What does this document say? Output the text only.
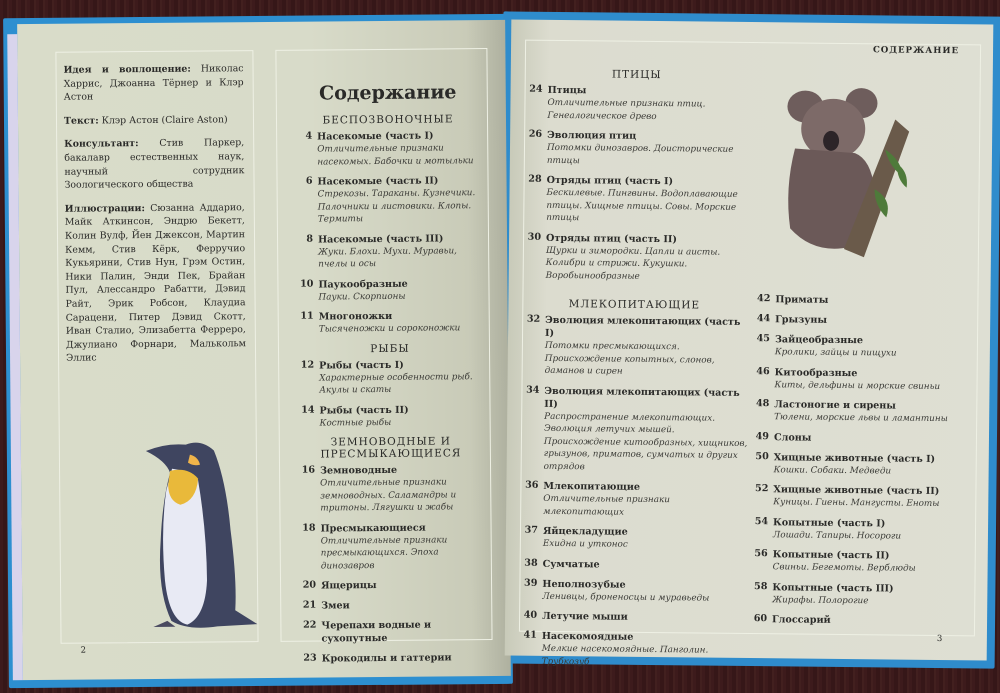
Идея и воплощение: Николас Харрис, Джоанна Тёрнер и Клэр Астон

Текст: Клэр Астон (Claire Aston)

Консультант: Стив Паркер, бакалавр естественных наук, научный сотрудник Зоологического общества

Иллюстрации: Сюзанна Аддарио, Майк Аткинсон, Эндрю Бекетт, Колин Вулф, Йен Джексон, Мартин Кемм, Стив Кёрк, Ферручио Кукьярини, Стив Нун, Грэм Остин, Ники Палин, Энди Пек, Брайан Пул, Алессандро Рабатти, Дэвид Райт, Эрик Робсон, Клаудиа Сарацени, Питер Дэвид Скотт, Иван Сталио, Элизабетта Ферреро, Джулиано Форнари, Малькольм Эллис

Содержание
БЕСПОЗВОНОЧНЫЕ
4 Насекомые (часть I)
Отличительные признаки насекомых. Бабочки и мотыльки
6 Насекомые (часть II)
Стрекозы. Тараканы. Кузнечики. Палочники и листовики. Клопы. Термиты
8 Насекомые (часть III)
Жуки. Блохи. Мухи. Муравьи, пчелы и осы
10 Паукообразные
Пауки. Скорпионы
11 Многоножки
Тысяченожки и сороконожки
РЫБЫ
12 Рыбы (часть I)
Характерные особенности рыб. Акулы и скаты
14 Рыбы (часть II)
Костные рыбы
ЗЕМНОВОДНЫЕ И ПРЕСМЫКАЮЩИЕСЯ
16 Земноводные
Отличительные признаки земноводных. Саламандры и тритоны. Лягушки и жабы
18 Пресмыкающиеся
Отличительные признаки пресмыкающихся. Эпоха динозавров
20 Ящерицы
21 Змеи
22 Черепахи водные и сухопутные
23 Крокодилы и гаттерии
2
СОДЕРЖАНИЕ
ПТИЦЫ
24 Птицы
Отличительные признаки птиц. Генеалогическое древо
26 Эволюция птиц
Потомки динозавров. Доисторические птицы
28 Отряды птиц (часть I)
Бескилевые. Пингвины. Водоплавающие птицы. Хищные птицы. Совы. Морские птицы
30 Отряды птиц (часть II)
Щурки и зимородки. Цапли и аисты. Колибри и стрижи. Кукушки. Воробьинообразные
МЛЕКОПИТАЮЩИЕ
32 Эволюция млекопитающих (часть I)
Потомки пресмыкающихся. Происхождение копытных, слонов, даманов и сирен
34 Эволюция млекопитающих (часть II)
Распространение млекопитающих. Эволюция летучих мышей. Происхождение китообразных, хищников, грызунов, приматов, сумчатых и других отрядов
36 Млекопитающие
Отличительные признаки млекопитающих
37 Яйцекладущие
Ехидна и утконос
38 Сумчатые
39 Неполнозубые
Ленивцы, броненосцы и муравьеды
40 Летучие мыши
41 Насекомоядные
Мелкие насекомоядные. Панголин. Трубкозуб
42 Приматы
44 Грызуны
45 Зайцеобразные
Кролики, зайцы и пищухи
46 Китообразные
Киты, дельфины и морские свиньи
48 Ластоногие и сирены
Тюлени, морские львы и ламантины
49 Слоны
50 Хищные животные (часть I)
Кошки. Собаки. Медведи
52 Хищные животные (часть II)
Куницы. Гиены. Мангусты. Еноты
54 Копытные (часть I)
Лошади. Тапиры. Носороги
56 Копытные (часть II)
Свиньи. Бегемоты. Верблюды
58 Копытные (часть III)
Жирафы. Полорогие
60 Глоссарий
3
